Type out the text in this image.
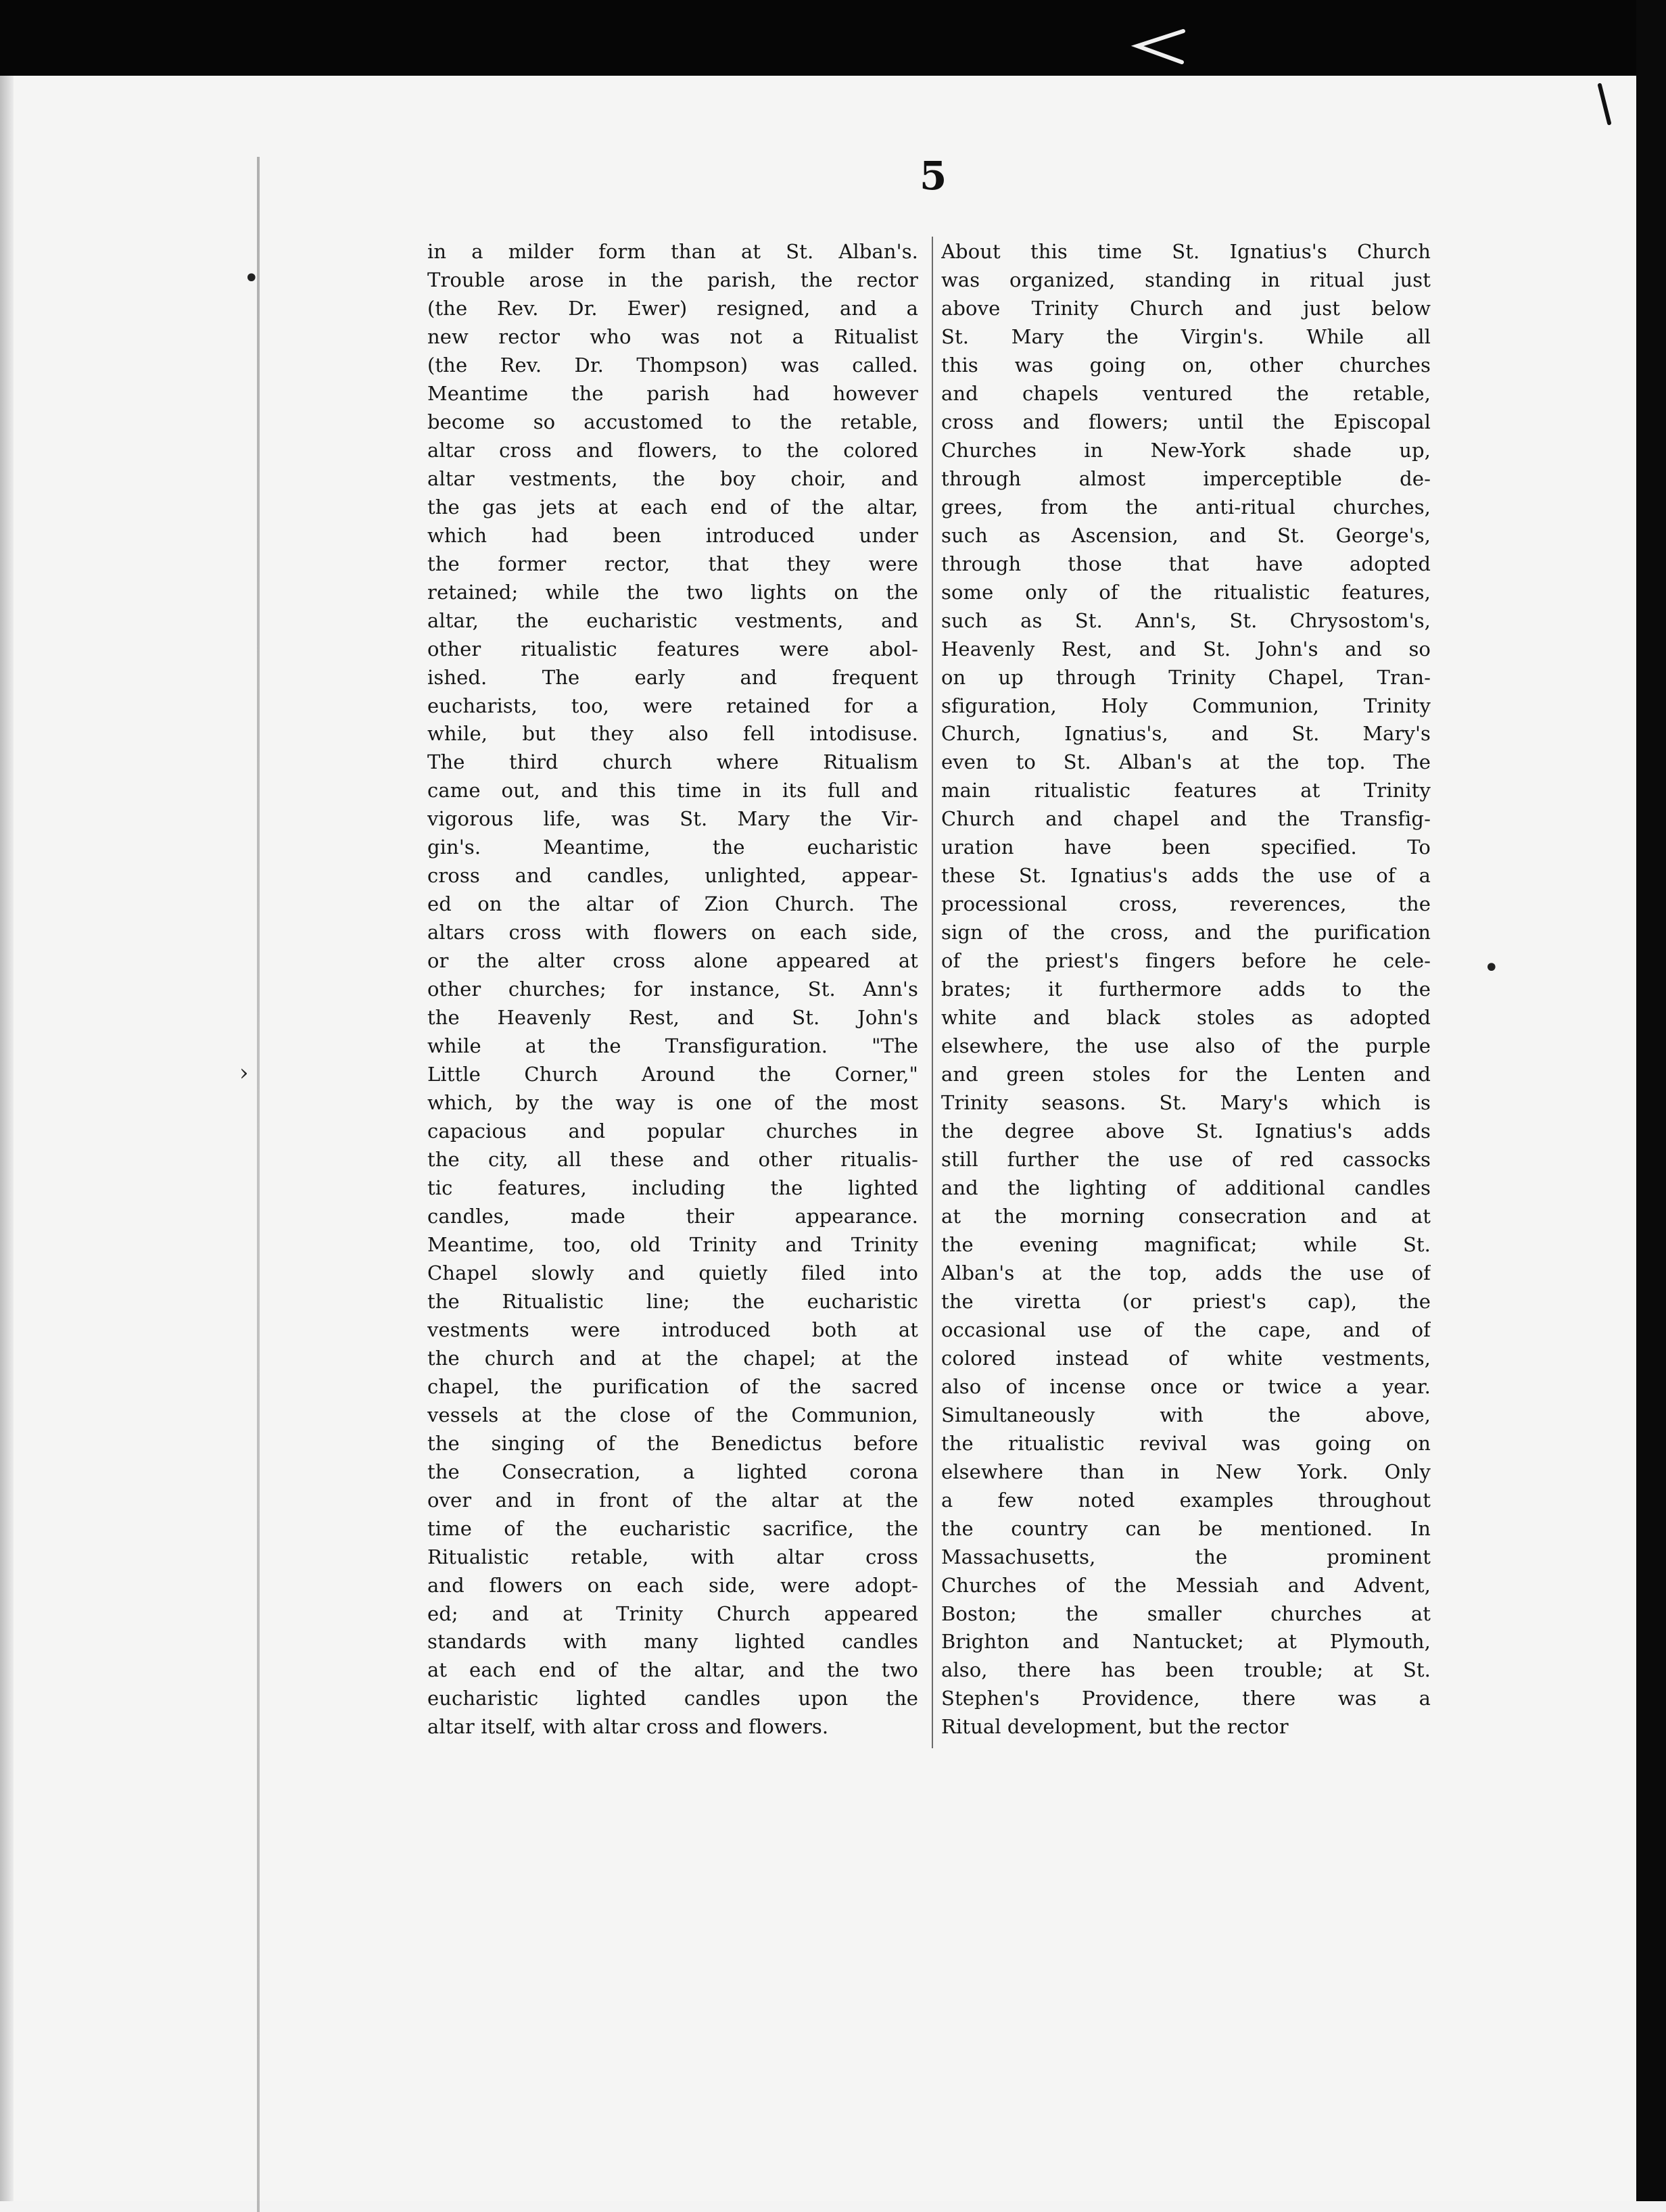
•
•
›
5
in a milder form than at St. Alban's.
Trouble arose in the parish, the rector
(the Rev. Dr. Ewer) resigned, and a
new rector who was not a Ritualist
(the Rev. Dr. Thompson) was called.
Meantime the parish had however
become so accustomed to the retable,
altar cross and flowers, to the colored
altar vestments, the boy choir, and
the gas jets at each end of the altar,
which had been introduced under
the former rector, that they were
retained; while the two lights on the
altar, the eucharistic vestments, and
other ritualistic features were abol-
ished. The early and frequent
eucharists, too, were retained for a
while, but they also fell intodisuse.
The third church where Ritualism
came out, and this time in its full and
vigorous life, was St. Mary the Vir-
gin's. Meantime, the eucharistic
cross and candles, unlighted, appear-
ed on the altar of Zion Church. The
altars cross with flowers on each side,
or the alter cross alone appeared at
other churches; for instance, St. Ann's
the Heavenly Rest, and St. John's
while at the Transfiguration. "The
Little Church Around the Corner,"
which, by the way is one of the most
capacious and popular churches in
the city, all these and other ritualis-
tic features, including the lighted
candles, made their appearance.
Meantime, too, old Trinity and Trinity
Chapel slowly and quietly filed into
the Ritualistic line; the eucharistic
vestments were introduced both at
the church and at the chapel; at the
chapel, the purification of the sacred
vessels at the close of the Communion,
the singing of the Benedictus before
the Consecration, a lighted corona
over and in front of the altar at the
time of the eucharistic sacrifice, the
Ritualistic retable, with altar cross
and flowers on each side, were adopt-
ed; and at Trinity Church appeared
standards with many lighted candles
at each end of the altar, and the two
eucharistic lighted candles upon the
altar itself, with altar cross and flowers.
About this time St. Ignatius's Church
was organized, standing in ritual just
above Trinity Church and just below
St. Mary the Virgin's. While all
this was going on, other churches
and chapels ventured the retable,
cross and flowers; until the Episcopal
Churches in New-York shade up,
through almost imperceptible de-
grees, from the anti-ritual churches,
such as Ascension, and St. George's,
through those that have adopted
some only of the ritualistic features,
such as St. Ann's, St. Chrysostom's,
Heavenly Rest, and St. John's and so
on up through Trinity Chapel, Tran-
sfiguration, Holy Communion, Trinity
Church, Ignatius's, and St. Mary's
even to St. Alban's at the top. The
main ritualistic features at Trinity
Church and chapel and the Transfig-
uration have been specified. To
these St. Ignatius's adds the use of a
processional cross, reverences, the
sign of the cross, and the purification
of the priest's fingers before he cele-
brates; it furthermore adds to the
white and black stoles as adopted
elsewhere, the use also of the purple
and green stoles for the Lenten and
Trinity seasons. St. Mary's which is
the degree above St. Ignatius's adds
still further the use of red cassocks
and the lighting of additional candles
at the morning consecration and at
the evening magnificat; while St.
Alban's at the top, adds the use of
the viretta (or priest's cap), the
occasional use of the cape, and of
colored instead of white vestments,
also of incense once or twice a year.
Simultaneously with the above,
the ritualistic revival was going on
elsewhere than in New York. Only
a few noted examples throughout
the country can be mentioned. In
Massachusetts, the prominent
Churches of the Messiah and Advent,
Boston; the smaller churches at
Brighton and Nantucket; at Plymouth,
also, there has been trouble; at St.
Stephen's Providence, there was a
Ritual development, but the rector
